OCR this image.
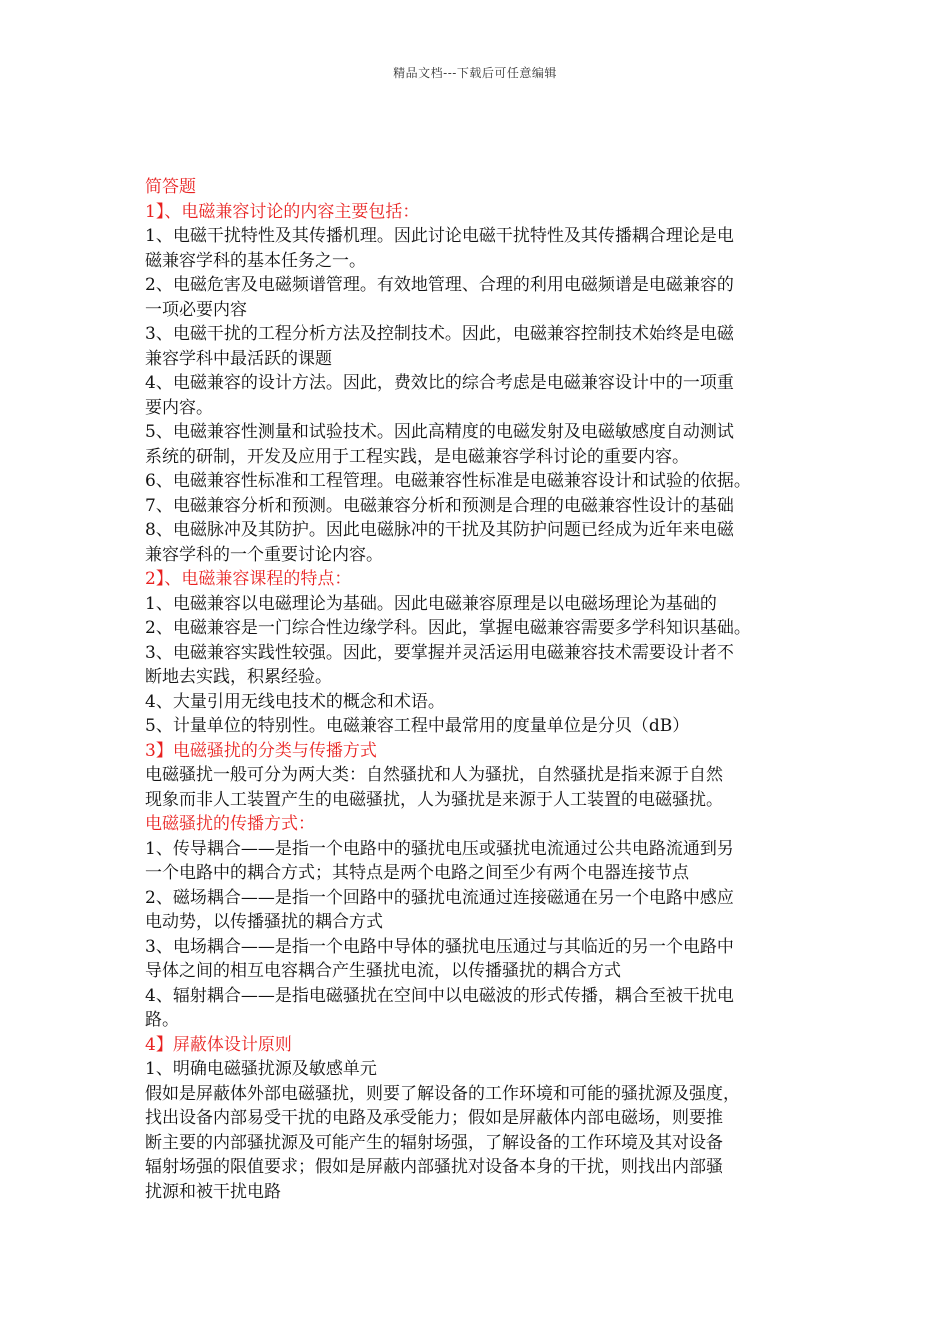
精品文档---下载后可任意编辑
简答题
1】、电磁兼容讨论的内容主要包括：
1、电磁干扰特性及其传播机理。因此讨论电磁干扰特性及其传播耦合理论是电
磁兼容学科的基本任务之一。
2、电磁危害及电磁频谱管理。有效地管理、合理的利用电磁频谱是电磁兼容的
一项必要内容
3、电磁干扰的工程分析方法及控制技术。因此，电磁兼容控制技术始终是电磁
兼容学科中最活跃的课题
4、电磁兼容的设计方法。因此，费效比的综合考虑是电磁兼容设计中的一项重
要内容。
5、电磁兼容性测量和试验技术。因此高精度的电磁发射及电磁敏感度自动测试
系统的研制，开发及应用于工程实践，是电磁兼容学科讨论的重要内容。
6、电磁兼容性标准和工程管理。电磁兼容性标准是电磁兼容设计和试验的依据。
7、电磁兼容分析和预测。电磁兼容分析和预测是合理的电磁兼容性设计的基础
8、电磁脉冲及其防护。因此电磁脉冲的干扰及其防护问题已经成为近年来电磁
兼容学科的一个重要讨论内容。
2】、电磁兼容课程的特点：
1、电磁兼容以电磁理论为基础。因此电磁兼容原理是以电磁场理论为基础的
2、电磁兼容是一门综合性边缘学科。因此，掌握电磁兼容需要多学科知识基础。
3、电磁兼容实践性较强。因此，要掌握并灵活运用电磁兼容技术需要设计者不
断地去实践，积累经验。
4、大量引用无线电技术的概念和术语。
5、计量单位的特别性。电磁兼容工程中最常用的度量单位是分贝（dB）
3】电磁骚扰的分类与传播方式
电磁骚扰一般可分为两大类：自然骚扰和人为骚扰，自然骚扰是指来源于自然
现象而非人工装置产生的电磁骚扰，人为骚扰是来源于人工装置的电磁骚扰。
电磁骚扰的传播方式：
1、传导耦合——是指一个电路中的骚扰电压或骚扰电流通过公共电路流通到另
一个电路中的耦合方式；其特点是两个电路之间至少有两个电器连接节点
2、磁场耦合——是指一个回路中的骚扰电流通过连接磁通在另一个电路中感应
电动势，以传播骚扰的耦合方式
3、电场耦合——是指一个电路中导体的骚扰电压通过与其临近的另一个电路中
导体之间的相互电容耦合产生骚扰电流，以传播骚扰的耦合方式
4、辐射耦合——是指电磁骚扰在空间中以电磁波的形式传播，耦合至被干扰电
路。
4】屏蔽体设计原则
1、明确电磁骚扰源及敏感单元
假如是屏蔽体外部电磁骚扰，则要了解设备的工作环境和可能的骚扰源及强度，
找出设备内部易受干扰的电路及承受能力；假如是屏蔽体内部电磁场，则要推
断主要的内部骚扰源及可能产生的辐射场强，了解设备的工作环境及其对设备
辐射场强的限值要求；假如是屏蔽内部骚扰对设备本身的干扰，则找出内部骚
扰源和被干扰电路
